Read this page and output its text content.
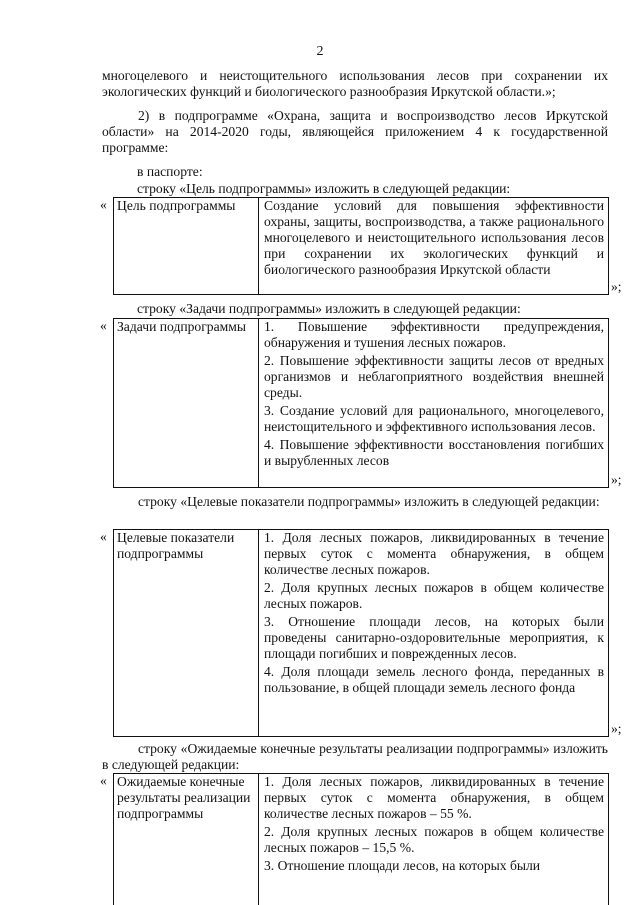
2
многоцелевого и неистощительного использования лесов при сохранении их экологических функций и биологического разнообразия Иркутской области.»;
2) в подпрограмме «Охрана, защита и воспроизводство лесов Иркутской области» на 2014-2020 годы, являющейся приложением 4 к государственной программе:
в паспорте:
строку «Цель подпрограммы» изложить в следующей редакции:
« Цель подпрограммы	Создание условий для повышения эффективности охраны, защиты, воспроизводства, а также рационального многоцелевого и неистощительного использования лесов при сохранении их экологических функций и биологического разнообразия Иркутской области

»;
строку «Задачи подпрограммы» изложить в следующей редакции:
« Задачи подпрограммы	1. Повышение эффективности предупреждения, обнаружения и тушения лесных пожаров.

2. Повышение эффективности защиты лесов от вредных организмов и неблагоприятного воздействия внешней среды.

3. Создание условий для рационального, многоцелевого, неистощительного и эффективного использования лесов.

4. Повышение эффективности восстановления погибших и вырубленных лесов

»;
строку «Целевые показатели подпрограммы» изложить в следующей редакции:
« Целевые показатели подпрограммы

1. Доля лесных пожаров, ликвидированных в течение первых суток с момента обнаружения, в общем количестве лесных пожаров.

2. Доля крупных лесных пожаров в общем количестве лесных пожаров.

3. Отношение площади лесов, на которых были проведены санитарно-оздоровительные мероприятия, к площади погибших и поврежденных лесов.

4. Доля площади земель лесного фонда, переданных в пользование, в общей площади земель лесного фонда

»;
строку «Ожидаемые конечные результаты реализации подпрограммы» изложить в следующей редакции:
« Ожидаемые конечные результаты реализации подпрограммы

1. Доля лесных пожаров, ликвидированных в течение первых суток с момента обнаружения, в общем количестве лесных пожаров – 55 %.

2. Доля крупных лесных пожаров в общем количестве лесных пожаров – 15,5 %.

3. Отношение площади лесов, на которых были
